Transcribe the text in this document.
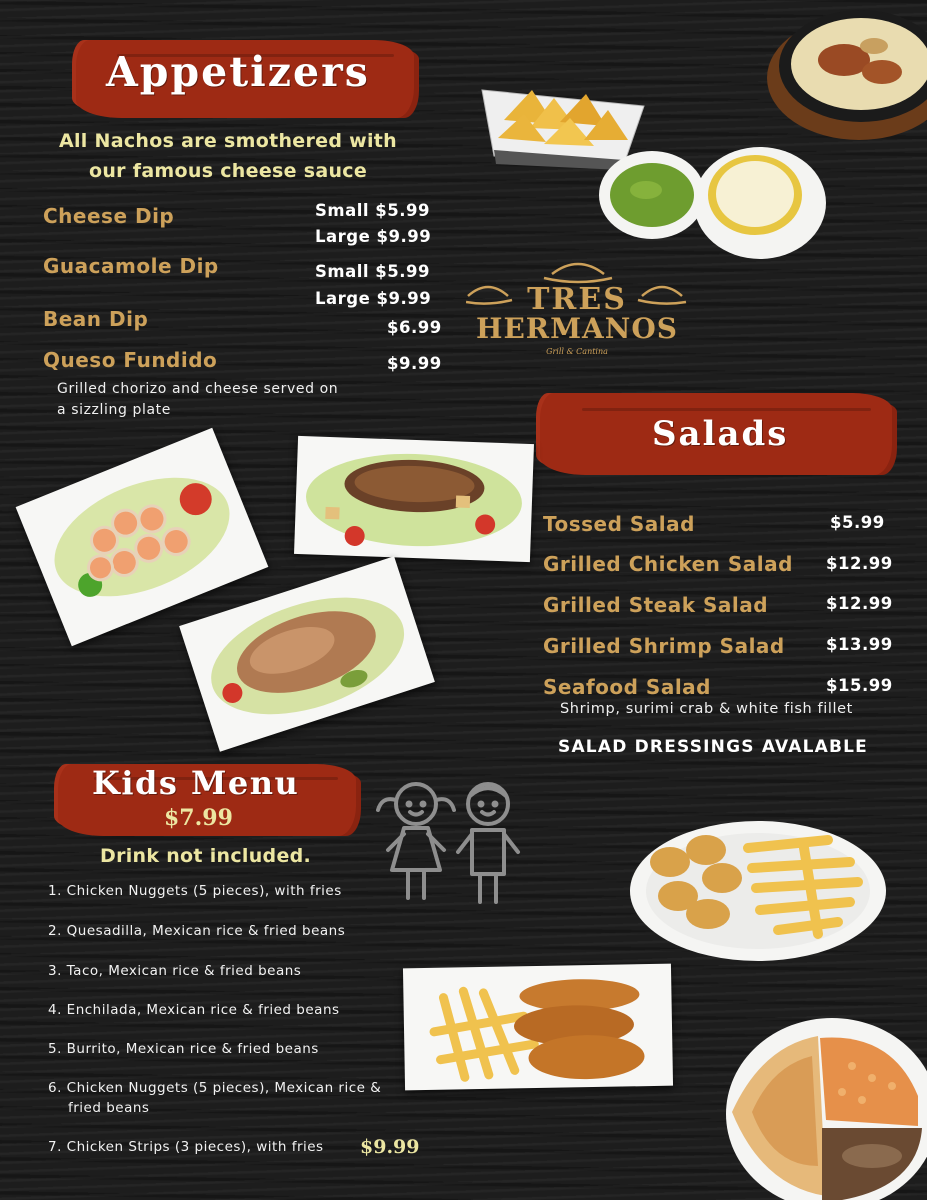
Appetizers
All Nachos are smothered with
our famous cheese sauce
Cheese Dip	Small $5.99
Large $9.99
Guacamole Dip	Small $5.99
Large $9.99
Bean Dip	$6.99
Queso Fundido	$9.99
Grilled chorizo and cheese served on
a sizzling plate
TRES
HERMANOS
Grill & Cantina
Salads
Tossed Salad	$5.99
Grilled Chicken Salad $12.99
Grilled Steak Salad	$12.99
Grilled Shrimp Salad	$13.99
Seafood Salad	$15.99
Shrimp, surimi crab & white fish fillet
SALAD DRESSINGS AVALABLE
Kids Menu
$7.99
Drink not included.
1. Chicken Nuggets (5 pieces), with fries
2. Quesadilla, Mexican rice & fried beans
3. Taco, Mexican rice & fried beans
4. Enchilada, Mexican rice & fried beans
5. Burrito, Mexican rice & fried beans
6. Chicken Nuggets (5 pieces), Mexican rice &
fried beans
7. Chicken Strips (3 pieces), with fries $9.99
